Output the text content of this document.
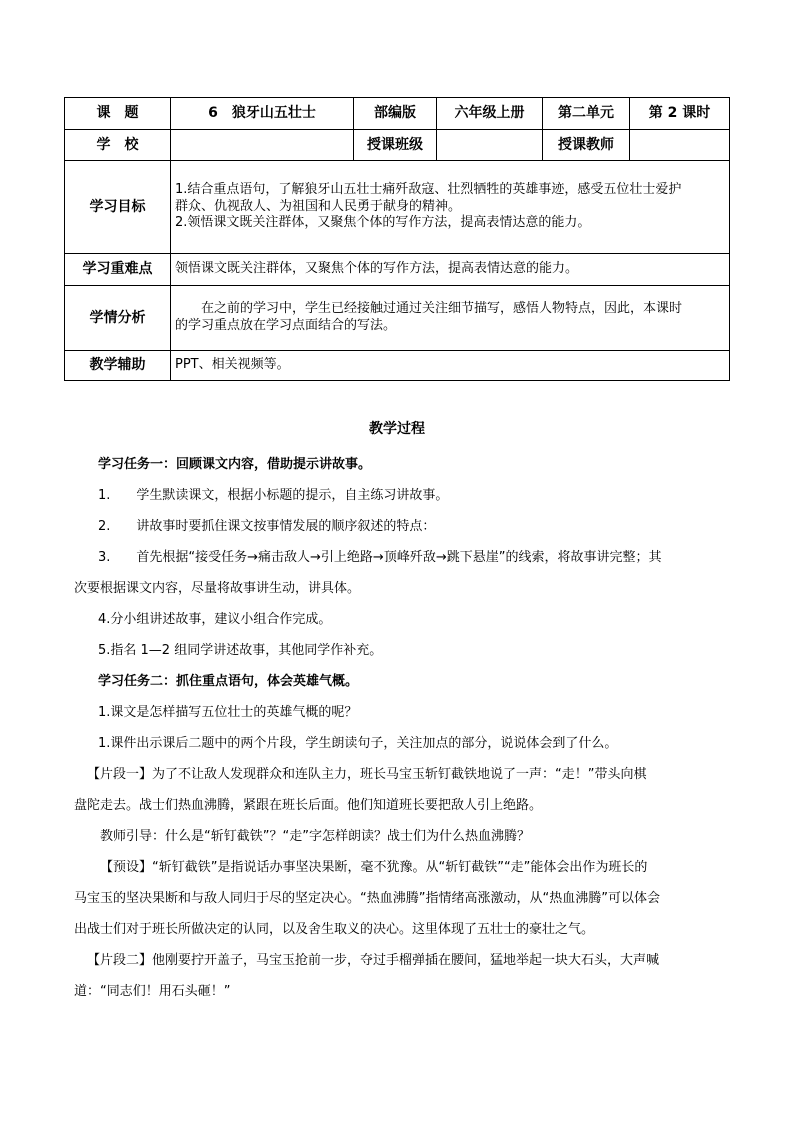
课　题	6　狼牙山五壮士	部编版	六年级上册	第二单元	第 2 课时
学　校		授课班级		授课教师	
学习目标	1.结合重点语句，了解狼牙山五壮士痛歼敌寇、壮烈牺牲的英雄事迹，感受五位壮士爱护

群众、仇视敌人、为祖国和人民勇于献身的精神。

2.领悟课文既关注群体，又聚焦个体的写作方法，提高表情达意的能力。				

学习重难点	领悟课文既关注群体，又聚焦个体的写作方法，提高表情达意的能力。				
学情分析	在之前的学习中，学生已经接触过通过关注细节描写，感悟人物特点，因此，本课时

的学习重点放在学习点面结合的写法。				

教学辅助	PPT、相关视频等。				
教学过程

学习任务一：回顾课文内容，借助提示讲故事。

1.　　学生默读课文，根据小标题的提示，自主练习讲故事。

2.　　讲故事时要抓住课文按事情发展的顺序叙述的特点：

3.　　首先根据“接受任务→痛击敌人→引上绝路→顶峰歼敌→跳下悬崖”的线索，将故事讲完整；其

次要根据课文内容，尽量将故事讲生动，讲具体。

4.分小组讲述故事，建议小组合作完成。

5.指名 1—2 组同学讲述故事，其他同学作补充。

学习任务二：抓住重点语句，体会英雄气概。

1.课文是怎样描写五位壮士的英雄气概的呢？

1.课件出示课后二题中的两个片段，学生朗读句子，关注加点的部分，说说体会到了什么。

【片段一】为了不让敌人发现群众和连队主力，班长马宝玉斩钉截铁地说了一声：“走！”带头向棋

盘陀走去。战士们热血沸腾，紧跟在班长后面。他们知道班长要把敌人引上绝路。

教师引导：什么是“斩钉截铁”？“走”字怎样朗读？战士们为什么热血沸腾？

【预设】“斩钉截铁”是指说话办事坚决果断，毫不犹豫。从“斩钉截铁”“走”能体会出作为班长的

马宝玉的坚决果断和与敌人同归于尽的坚定决心。“热血沸腾”指情绪高涨激动，从“热血沸腾”可以体会

出战士们对于班长所做决定的认同，以及舍生取义的决心。这里体现了五壮士的豪壮之气。

【片段二】他刚要拧开盖子，马宝玉抢前一步，夺过手榴弹插在腰间，猛地举起一块大石头，大声喊

道：“同志们！用石头砸！”
